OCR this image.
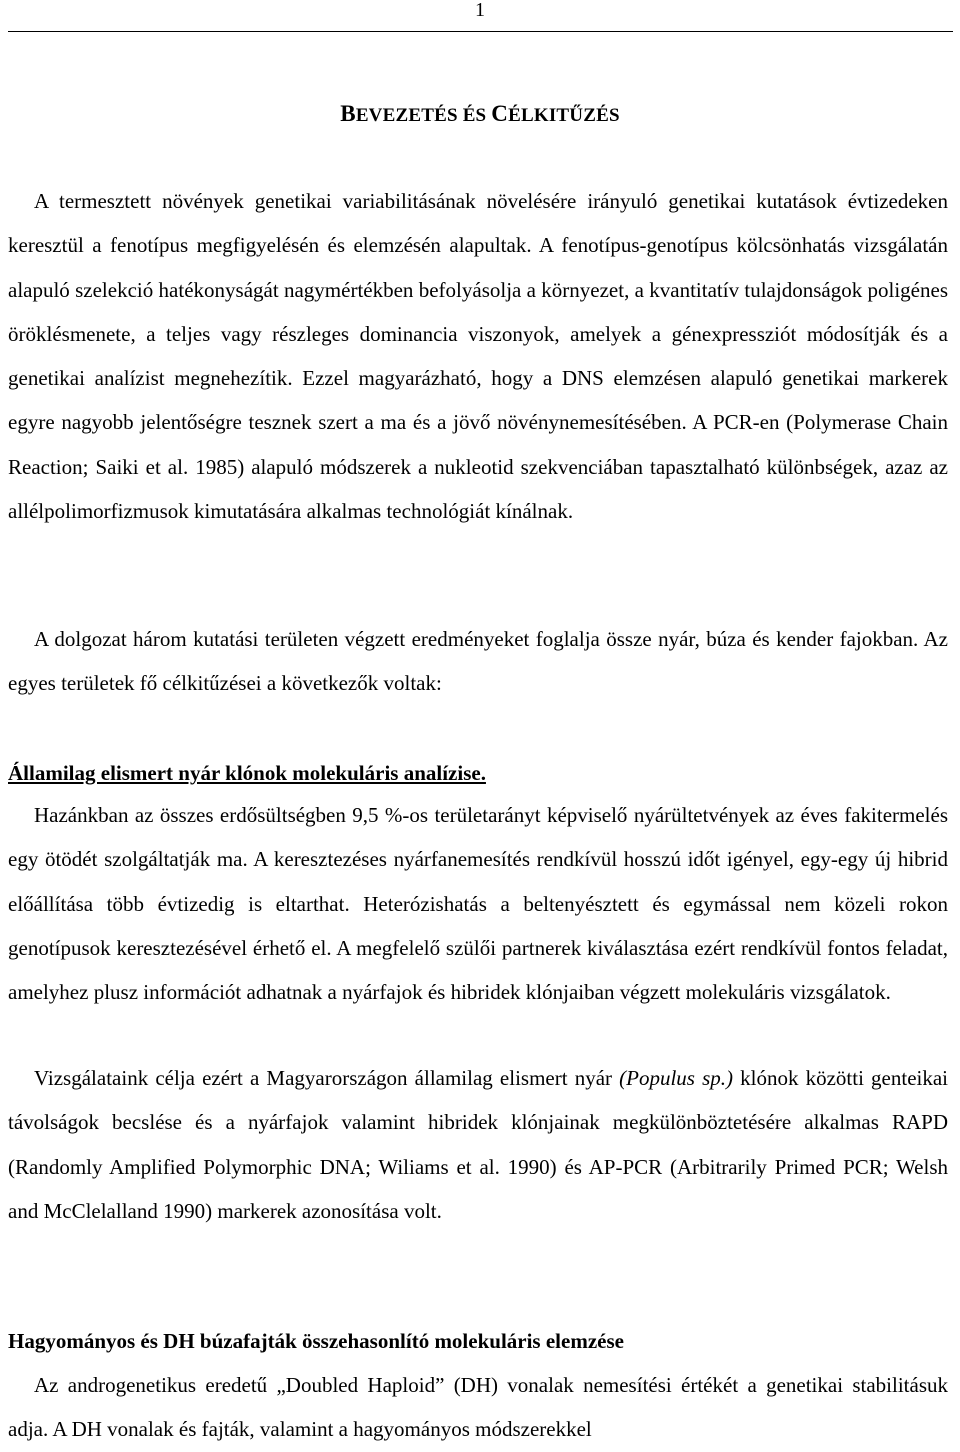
1
BEVEZETÉS ÉS CÉLKITŰZÉS
A termesztett növények genetikai variabilitásának növelésére irányuló genetikai kutatások évtizedeken keresztül a fenotípus megfigyelésén és elemzésén alapultak. A fenotípus-genotípus kölcsönhatás vizsgálatán alapuló szelekció hatékonyságát nagymértékben befolyásolja a környezet, a kvantitatív tulajdonságok poligénes öröklésmenete, a teljes vagy részleges dominancia viszonyok, amelyek a génexpressziót módosítják és a genetikai analízist megnehezítik. Ezzel magyarázható, hogy a DNS elemzésen alapuló genetikai markerek egyre nagyobb jelentőségre tesznek szert a ma és a jövő növénynemesítésében. A PCR-en (Polymerase Chain Reaction; Saiki et al. 1985) alapuló módszerek a nukleotid szekvenciában tapasztalható különbségek, azaz az allélpolimorfizmusok kimutatására alkalmas technológiát kínálnak.
A dolgozat három kutatási területen végzett eredményeket foglalja össze nyár, búza és kender fajokban. Az egyes területek fő célkitűzései a következők voltak:
Államilag elismert nyár klónok molekuláris analízise.
Hazánkban az összes erdősültségben 9,5 %-os területarányt képviselő nyárültetvények az éves fakitermelés egy ötödét szolgáltatják ma. A keresztezéses nyárfanemesítés rendkívül hosszú időt igényel, egy-egy új hibrid előállítása több évtizedig is eltarthat. Heterózishatás a beltenyésztett és egymással nem közeli rokon genotípusok keresztezésével érhető el. A megfelelő szülői partnerek kiválasztása ezért rendkívül fontos feladat, amelyhez plusz információt adhatnak a nyárfajok és hibridek klónjaiban végzett molekuláris vizsgálatok.
Vizsgálataink célja ezért a Magyarországon államilag elismert nyár (Populus sp.) klónok közötti genteikai távolságok becslése és a nyárfajok valamint hibridek klónjainak megkülönböztetésére alkalmas RAPD (Randomly Amplified Polymorphic DNA; Wiliams et al. 1990) és AP-PCR (Arbitrarily Primed PCR; Welsh and McClelalland 1990) markerek azonosítása volt.
Hagyományos és DH búzafajták összehasonlító molekuláris elemzése
Az androgenetikus eredetű „Doubled Haploid” (DH) vonalak nemesítési értékét a genetikai stabilitásuk adja. A DH vonalak és fajták, valamint a hagyományos módszerekkel
